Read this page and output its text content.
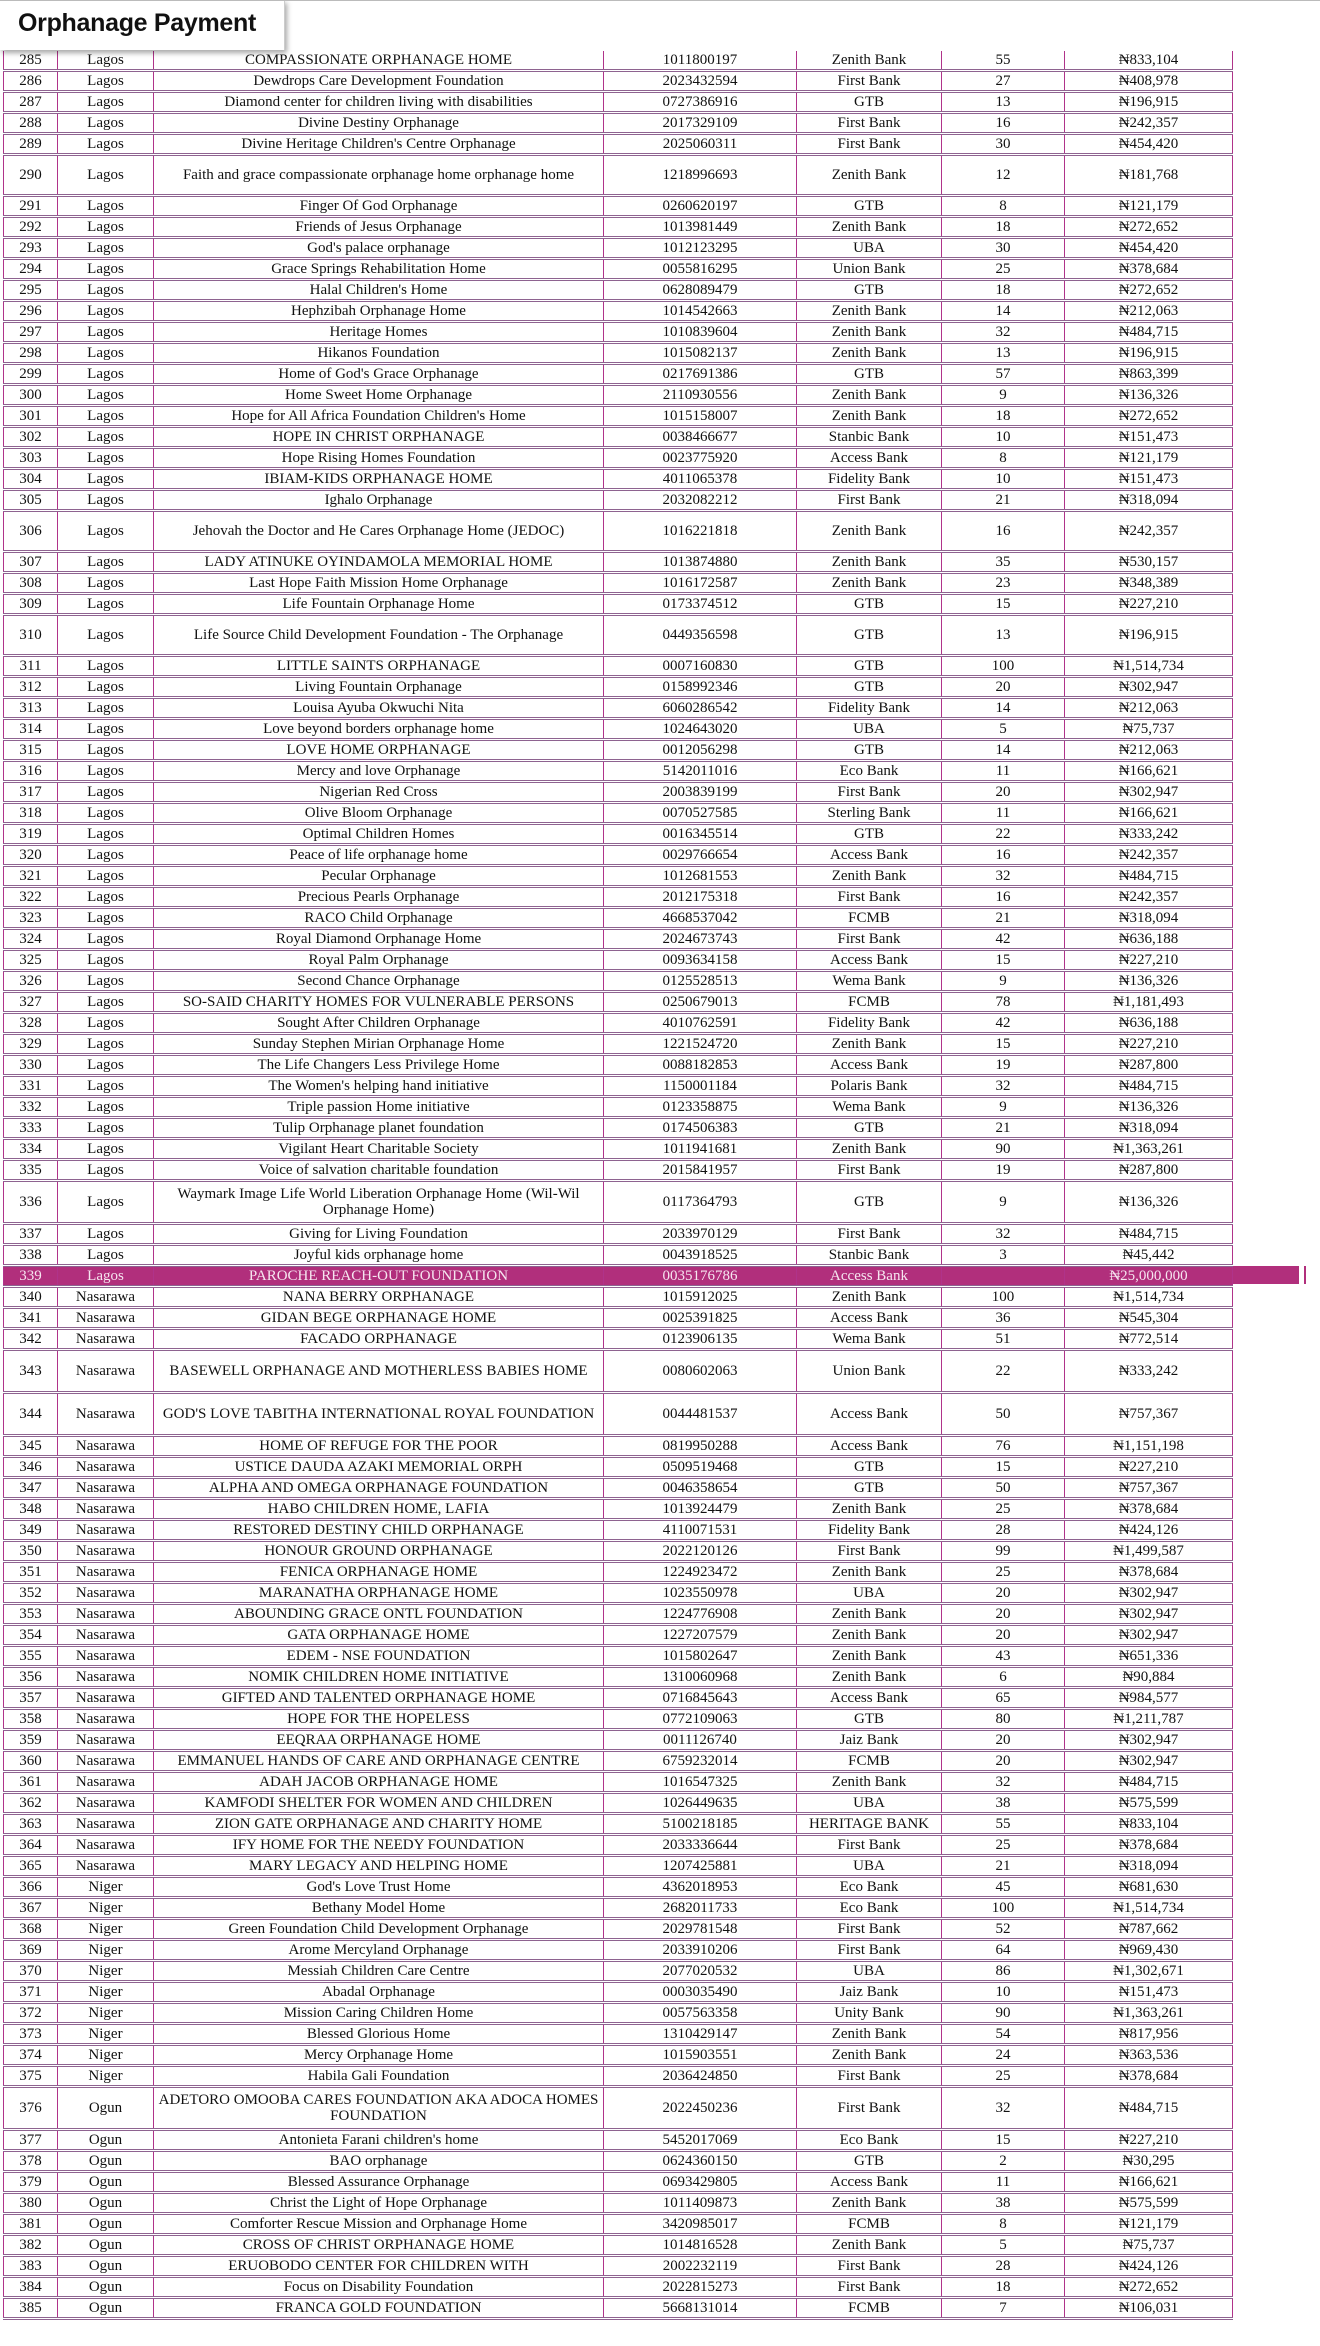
Orphanage Payment
285	Lagos	COMPASSIONATE ORPHANAGE HOME	1011800197	Zenith Bank	55	₦833,104
286	Lagos	Dewdrops Care Development Foundation	2023432594	First Bank	27	₦408,978
287	Lagos	Diamond center for children living with disabilities	0727386916	GTB	13	₦196,915
288	Lagos	Divine Destiny Orphanage	2017329109	First Bank	16	₦242,357
289	Lagos	Divine Heritage Children's Centre Orphanage	2025060311	First Bank	30	₦454,420
290	Lagos	Faith and grace compassionate orphanage home orphanage home	1218996693	Zenith Bank	12	₦181,768
291	Lagos	Finger Of God Orphanage	0260620197	GTB	8	₦121,179
292	Lagos	Friends of Jesus Orphanage	1013981449	Zenith Bank	18	₦272,652
293	Lagos	God's palace orphanage	1012123295	UBA	30	₦454,420
294	Lagos	Grace Springs Rehabilitation Home	0055816295	Union Bank	25	₦378,684
295	Lagos	Halal Children's Home	0628089479	GTB	18	₦272,652
296	Lagos	Hephzibah Orphanage Home	1014542663	Zenith Bank	14	₦212,063
297	Lagos	Heritage Homes	1010839604	Zenith Bank	32	₦484,715
298	Lagos	Hikanos Foundation	1015082137	Zenith Bank	13	₦196,915
299	Lagos	Home of God's Grace Orphanage	0217691386	GTB	57	₦863,399
300	Lagos	Home Sweet Home Orphanage	2110930556	Zenith Bank	9	₦136,326
301	Lagos	Hope for All Africa Foundation Children's Home	1015158007	Zenith Bank	18	₦272,652
302	Lagos	HOPE IN CHRIST ORPHANAGE	0038466677	Stanbic Bank	10	₦151,473
303	Lagos	Hope Rising Homes Foundation	0023775920	Access Bank	8	₦121,179
304	Lagos	IBIAM-KIDS ORPHANAGE HOME	4011065378	Fidelity Bank	10	₦151,473
305	Lagos	Ighalo Orphanage	2032082212	First Bank	21	₦318,094
306	Lagos	Jehovah the Doctor and He Cares Orphanage Home (JEDOC)	1016221818	Zenith Bank	16	₦242,357
307	Lagos	LADY ATINUKE OYINDAMOLA MEMORIAL HOME	1013874880	Zenith Bank	35	₦530,157
308	Lagos	Last Hope Faith Mission Home Orphanage	1016172587	Zenith Bank	23	₦348,389
309	Lagos	Life Fountain Orphanage Home	0173374512	GTB	15	₦227,210
310	Lagos	Life Source Child Development Foundation - The Orphanage	0449356598	GTB	13	₦196,915
311	Lagos	LITTLE SAINTS ORPHANAGE	0007160830	GTB	100	₦1,514,734
312	Lagos	Living Fountain Orphanage	0158992346	GTB	20	₦302,947
313	Lagos	Louisa Ayuba Okwuchi Nita	6060286542	Fidelity Bank	14	₦212,063
314	Lagos	Love beyond borders orphanage home	1024643020	UBA	5	₦75,737
315	Lagos	LOVE HOME ORPHANAGE	0012056298	GTB	14	₦212,063
316	Lagos	Mercy and love Orphanage	5142011016	Eco Bank	11	₦166,621
317	Lagos	Nigerian Red Cross	2003839199	First Bank	20	₦302,947
318	Lagos	Olive Bloom Orphanage	0070527585	Sterling Bank	11	₦166,621
319	Lagos	Optimal Children Homes	0016345514	GTB	22	₦333,242
320	Lagos	Peace of life orphanage home	0029766654	Access Bank	16	₦242,357
321	Lagos	Pecular Orphanage	1012681553	Zenith Bank	32	₦484,715
322	Lagos	Precious Pearls Orphanage	2012175318	First Bank	16	₦242,357
323	Lagos	RACO Child Orphanage	4668537042	FCMB	21	₦318,094
324	Lagos	Royal Diamond Orphanage Home	2024673743	First Bank	42	₦636,188
325	Lagos	Royal Palm Orphanage	0093634158	Access Bank	15	₦227,210
326	Lagos	Second Chance Orphanage	0125528513	Wema Bank	9	₦136,326
327	Lagos	SO-SAID CHARITY HOMES FOR VULNERABLE PERSONS	0250679013	FCMB	78	₦1,181,493
328	Lagos	Sought After Children Orphanage	4010762591	Fidelity Bank	42	₦636,188
329	Lagos	Sunday Stephen Mirian Orphanage Home	1221524720	Zenith Bank	15	₦227,210
330	Lagos	The Life Changers Less Privilege Home	0088182853	Access Bank	19	₦287,800
331	Lagos	The Women's helping hand initiative	1150001184	Polaris Bank	32	₦484,715
332	Lagos	Triple passion Home initiative	0123358875	Wema Bank	9	₦136,326
333	Lagos	Tulip Orphanage planet foundation	0174506383	GTB	21	₦318,094
334	Lagos	Vigilant Heart Charitable Society	1011941681	Zenith Bank	90	₦1,363,261
335	Lagos	Voice of salvation charitable foundation	2015841957	First Bank	19	₦287,800
336	Lagos	Waymark Image Life World Liberation Orphanage Home (Wil-Wil Orphanage Home)	0117364793	GTB	9	₦136,326
337	Lagos	Giving for Living Foundation	2033970129	First Bank	32	₦484,715
338	Lagos	Joyful kids orphanage home	0043918525	Stanbic Bank	3	₦45,442
339	Lagos	PAROCHE REACH-OUT FOUNDATION	0035176786	Access Bank		₦25,000,000
340	Nasarawa	NANA BERRY ORPHANAGE	1015912025	Zenith Bank	100	₦1,514,734
341	Nasarawa	GIDAN BEGE ORPHANAGE HOME	0025391825	Access Bank	36	₦545,304
342	Nasarawa	FACADO ORPHANAGE	0123906135	Wema Bank	51	₦772,514
343	Nasarawa	BASEWELL ORPHANAGE AND MOTHERLESS BABIES HOME	0080602063	Union Bank	22	₦333,242
344	Nasarawa	GOD'S LOVE TABITHA INTERNATIONAL ROYAL FOUNDATION	0044481537	Access Bank	50	₦757,367
345	Nasarawa	HOME OF REFUGE FOR THE POOR	0819950288	Access Bank	76	₦1,151,198
346	Nasarawa	USTICE DAUDA AZAKI MEMORIAL ORPH	0509519468	GTB	15	₦227,210
347	Nasarawa	ALPHA AND OMEGA ORPHANAGE FOUNDATION	0046358654	GTB	50	₦757,367
348	Nasarawa	HABO CHILDREN HOME, LAFIA	1013924479	Zenith Bank	25	₦378,684
349	Nasarawa	RESTORED DESTINY CHILD ORPHANAGE	4110071531	Fidelity Bank	28	₦424,126
350	Nasarawa	HONOUR GROUND ORPHANAGE	2022120126	First Bank	99	₦1,499,587
351	Nasarawa	FENICA ORPHANAGE HOME	1224923472	Zenith Bank	25	₦378,684
352	Nasarawa	MARANATHA ORPHANAGE HOME	1023550978	UBA	20	₦302,947
353	Nasarawa	ABOUNDING GRACE ONTL FOUNDATION	1224776908	Zenith Bank	20	₦302,947
354	Nasarawa	GATA ORPHANAGE HOME	1227207579	Zenith Bank	20	₦302,947
355	Nasarawa	EDEM - NSE FOUNDATION	1015802647	Zenith Bank	43	₦651,336
356	Nasarawa	NOMIK CHILDREN HOME INITIATIVE	1310060968	Zenith Bank	6	₦90,884
357	Nasarawa	GIFTED AND TALENTED ORPHANAGE HOME	0716845643	Access Bank	65	₦984,577
358	Nasarawa	HOPE FOR THE HOPELESS	0772109063	GTB	80	₦1,211,787
359	Nasarawa	EEQRAA ORPHANAGE HOME	0011126740	Jaiz Bank	20	₦302,947
360	Nasarawa	EMMANUEL HANDS OF CARE AND ORPHANAGE CENTRE	6759232014	FCMB	20	₦302,947
361	Nasarawa	ADAH JACOB ORPHANAGE HOME	1016547325	Zenith Bank	32	₦484,715
362	Nasarawa	KAMFODI SHELTER FOR WOMEN AND CHILDREN	1026449635	UBA	38	₦575,599
363	Nasarawa	ZION GATE ORPHANAGE AND CHARITY HOME	5100218185	HERITAGE BANK	55	₦833,104
364	Nasarawa	IFY HOME FOR THE NEEDY FOUNDATION	2033336644	First Bank	25	₦378,684
365	Nasarawa	MARY LEGACY AND HELPING HOME	1207425881	UBA	21	₦318,094
366	Niger	God's Love Trust Home	4362018953	Eco Bank	45	₦681,630
367	Niger	Bethany Model Home	2682011733	Eco Bank	100	₦1,514,734
368	Niger	Green Foundation Child Development Orphanage	2029781548	First Bank	52	₦787,662
369	Niger	Arome Mercyland Orphanage	2033910206	First Bank	64	₦969,430
370	Niger	Messiah Children Care Centre	2077020532	UBA	86	₦1,302,671
371	Niger	Abadal Orphanage	0003035490	Jaiz Bank	10	₦151,473
372	Niger	Mission Caring Children Home	0057563358	Unity Bank	90	₦1,363,261
373	Niger	Blessed Glorious Home	1310429147	Zenith Bank	54	₦817,956
374	Niger	Mercy Orphanage Home	1015903551	Zenith Bank	24	₦363,536
375	Niger	Habila Gali Foundation	2036424850	First Bank	25	₦378,684
376	Ogun	ADETORO OMOOBA CARES FOUNDATION AKA ADOCA HOMES FOUNDATION	2022450236	First Bank	32	₦484,715
377	Ogun	Antonieta Farani children's home	5452017069	Eco Bank	15	₦227,210
378	Ogun	BAO orphanage	0624360150	GTB	2	₦30,295
379	Ogun	Blessed Assurance Orphanage	0693429805	Access Bank	11	₦166,621
380	Ogun	Christ the Light of Hope Orphanage	1011409873	Zenith Bank	38	₦575,599
381	Ogun	Comforter Rescue Mission and Orphanage Home	3420985017	FCMB	8	₦121,179
382	Ogun	CROSS OF CHRIST ORPHANAGE HOME	1014816528	Zenith Bank	5	₦75,737
383	Ogun	ERUOBODO CENTER FOR CHILDREN WITH	2002232119	First Bank	28	₦424,126
384	Ogun	Focus on Disability Foundation	2022815273	First Bank	18	₦272,652
385	Ogun	FRANCA GOLD FOUNDATION	5668131014	FCMB	7	₦106,031
